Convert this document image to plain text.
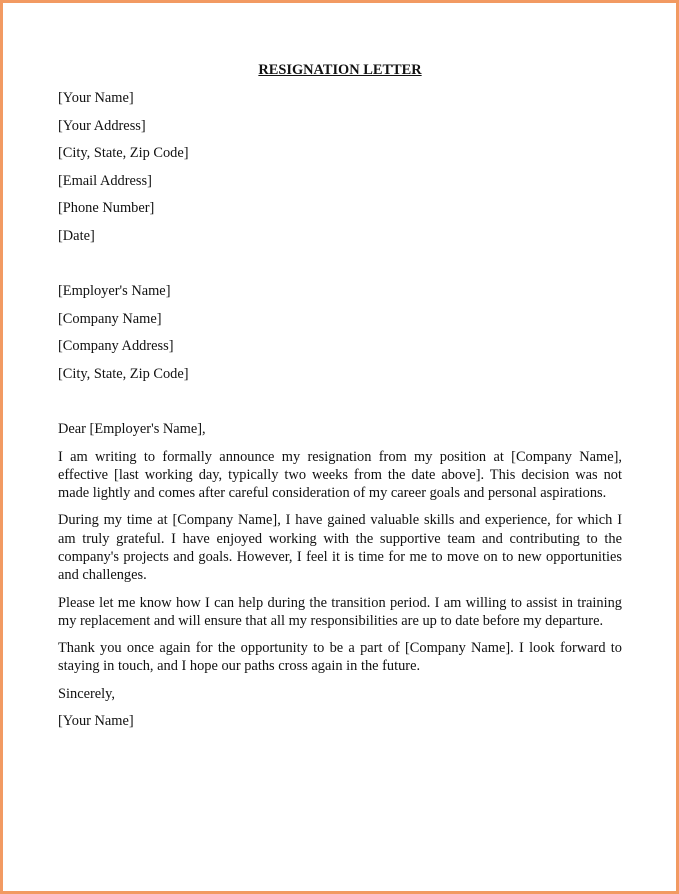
RESIGNATION LETTER
[Your Name]
[Your Address]
[City, State, Zip Code]
[Email Address]
[Phone Number]
[Date]
[Employer's Name]
[Company Name]
[Company Address]
[City, State, Zip Code]
Dear [Employer's Name],

I am writing to formally announce my resignation from my position at [Company Name], effective [last working day, typically two weeks from the date above]. This decision was not made lightly and comes after careful consideration of my career goals and personal aspirations.

During my time at [Company Name], I have gained valuable skills and experience, for which I am truly grateful. I have enjoyed working with the supportive team and contributing to the company's projects and goals. However, I feel it is time for me to move on to new opportunities and challenges.

Please let me know how I can help during the transition period. I am willing to assist in training my replacement and will ensure that all my responsibilities are up to date before my departure.

Thank you once again for the opportunity to be a part of [Company Name]. I look forward to staying in touch, and I hope our paths cross again in the future.

Sincerely,
[Your Name]
